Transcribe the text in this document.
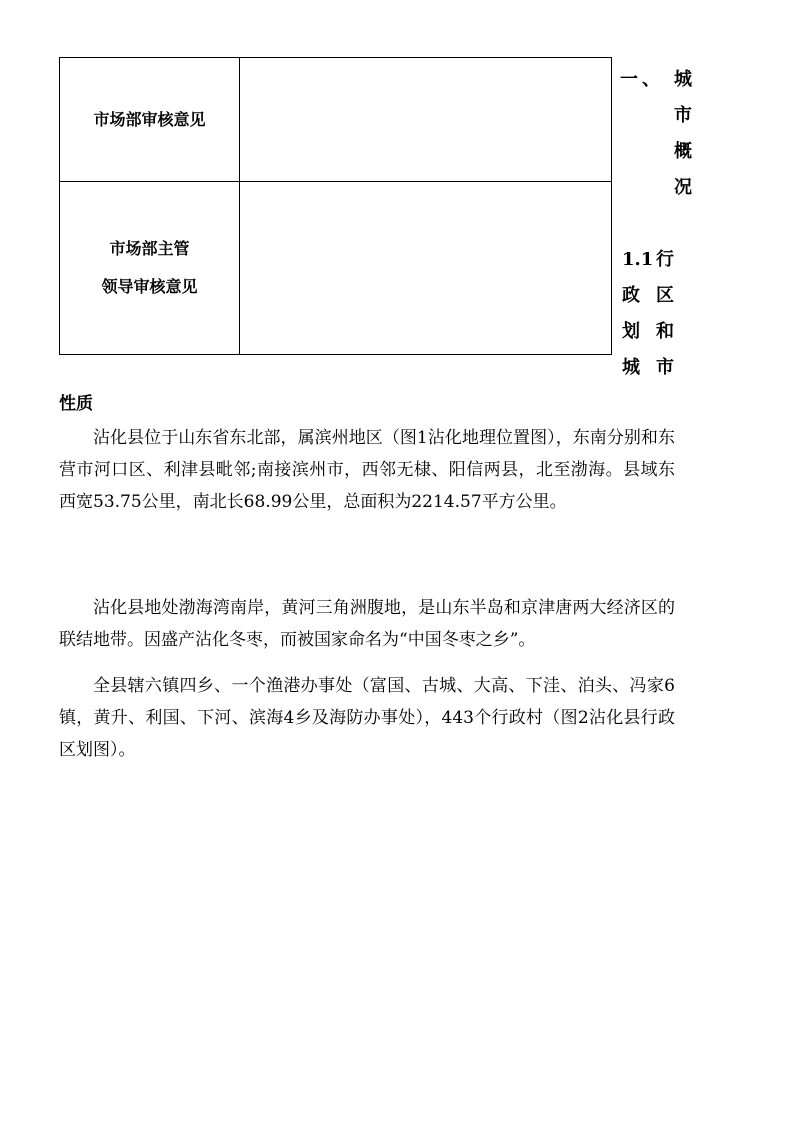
市场部审核意见	

市场部主管
领导审核意见	

一、 城
市
概
况
1.1 行
政 区
划 和
城 市
性质

沾化县位于山东省东北部，属滨州地区（图1沾化地理位置图），东南分别和东营市河口区、利津县毗邻;南接滨州市，西邻无棣、阳信两县，北至渤海。县域东西宽53.75公里，南北长68.99公里，总面积为2214.57平方公里。

沾化县地处渤海湾南岸，黄河三角洲腹地，是山东半岛和京津唐两大经济区的联结地带。因盛产沾化冬枣，而被国家命名为“中国冬枣之乡”。

全县辖六镇四乡、一个渔港办事处（富国、古城、大高、下洼、泊头、冯家6镇，黄升、利国、下河、滨海4乡及海防办事处），443个行政村（图2沾化县行政区划图）。
